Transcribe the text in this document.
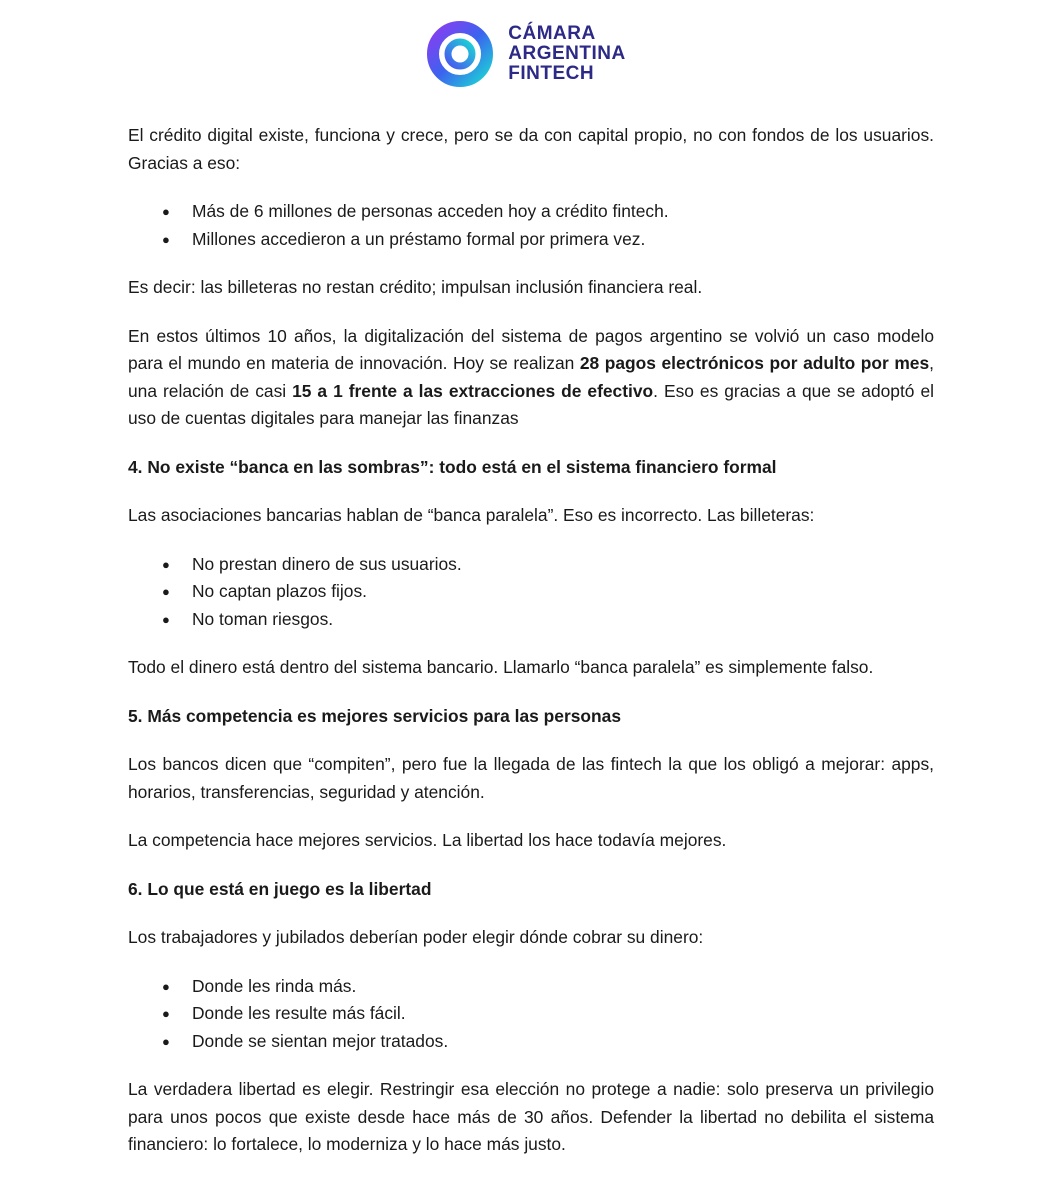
CÁMARA
ARGENTINA
FINTECH

El crédito digital existe, funciona y crece, pero se da con capital propio, no con fondos de los usuarios. Gracias a eso:

● Más de 6 millones de personas acceden hoy a crédito fintech.
● Millones accedieron a un préstamo formal por primera vez.

Es decir: las billeteras no restan crédito; impulsan inclusión financiera real.

En estos últimos 10 años, la digitalización del sistema de pagos argentino se volvió un caso modelo para el mundo en materia de innovación. Hoy se realizan 28 pagos electrónicos por adulto por mes, una relación de casi 15 a 1 frente a las extracciones de efectivo. Eso es gracias a que se adoptó el uso de cuentas digitales para manejar las finanzas

4. No existe “banca en las sombras”: todo está en el sistema financiero formal

Las asociaciones bancarias hablan de “banca paralela”. Eso es incorrecto. Las billeteras:

● No prestan dinero de sus usuarios.
● No captan plazos fijos.
● No toman riesgos.

Todo el dinero está dentro del sistema bancario. Llamarlo “banca paralela” es simplemente falso.

5. Más competencia es mejores servicios para las personas

Los bancos dicen que “compiten”, pero fue la llegada de las fintech la que los obligó a mejorar: apps, horarios, transferencias, seguridad y atención.

La competencia hace mejores servicios. La libertad los hace todavía mejores.

6. Lo que está en juego es la libertad

Los trabajadores y jubilados deberían poder elegir dónde cobrar su dinero:

● Donde les rinda más.
● Donde les resulte más fácil.
● Donde se sientan mejor tratados.

La verdadera libertad es elegir. Restringir esa elección no protege a nadie: solo preserva un privilegio para unos pocos que existe desde hace más de 30 años. Defender la libertad no debilita el sistema financiero: lo fortalece, lo moderniza y lo hace más justo.
